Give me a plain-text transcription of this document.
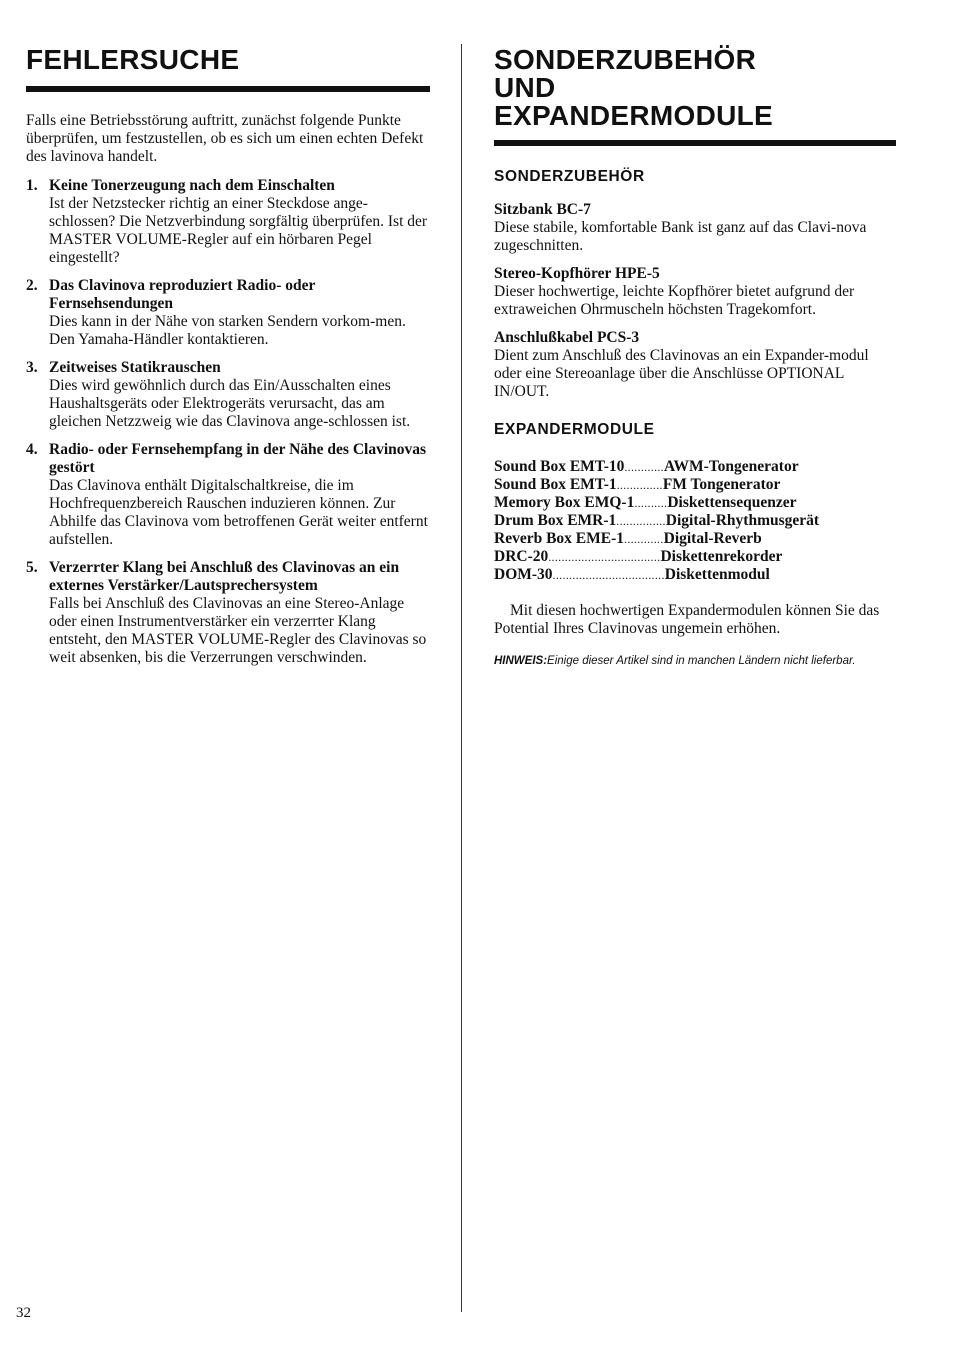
FEHLERSUCHE

Falls eine Betriebsstörung auftritt, zunächst folgende Punkte überprüfen, um festzustellen, ob es sich um einen echten Defekt des lavinova handelt.

1. Keine Tonerzeugung nach dem Einschalten
Ist der Netzstecker richtig an einer Steckdose ange-schlossen? Die Netzverbindung sorgfältig überprüfen. Ist der MASTER VOLUME-Regler auf ein hörbaren Pegel eingestellt?
2. Das Clavinova reproduziert Radio- oder Fernsehsendungen
Dies kann in der Nähe von starken Sendern vorkom-men. Den Yamaha-Händler kontaktieren.
3. Zeitweises Statikrauschen
Dies wird gewöhnlich durch das Ein/Ausschalten eines Haushaltsgeräts oder Elektrogeräts verursacht, das am gleichen Netzzweig wie das Clavinova ange-schlossen ist.
4. Radio- oder Fernsehempfang in der Nähe des Clavinovas gestört
Das Clavinova enthält Digitalschaltkreise, die im Hochfrequenzbereich Rauschen induzieren können. Zur Abhilfe das Clavinova vom betroffenen Gerät weiter entfernt aufstellen.
5. Verzerrter Klang bei Anschluß des Clavinovas an ein externes Verstärker/Lautsprechersystem
Falls bei Anschluß des Clavinovas an eine Stereo-Anlage oder einen Instrumentverstärker ein verzerrter Klang entsteht, den MASTER VOLUME-Regler des Clavinovas so weit absenken, bis die Verzerrungen verschwinden.
SONDERZUBEHÖR UND EXPANDERMODULE
SONDERZUBEHÖR
Sitzbank BC-7
Diese stabile, komfortable Bank ist ganz auf das Clavi-nova zugeschnitten.
Stereo-Kopfhörer HPE-5
Dieser hochwertige, leichte Kopfhörer bietet aufgrund der extraweichen Ohrmuscheln höchsten Tragekomfort.
Anschlußkabel PCS-3
Dient zum Anschluß des Clavinovas an ein Expander-modul oder eine Stereoanlage über die Anschlüsse OPTIONAL IN/OUT.
EXPANDERMODULE
Sound Box EMT-10 ............ AWM-Tongenerator
Sound Box EMT-1 .............. FM Tongenerator
Memory Box EMQ-1 .......... Diskettensequenzer
Drum Box EMR-1 ............... Digital-Rhythmusgerät
Reverb Box EME-1 ............ Digital-Reverb
DRC-20 .................................. Diskettenrekorder
DOM-30 .................................. Diskettenmodul

Mit diesen hochwertigen Expandermodulen können Sie das Potential Ihres Clavinovas ungemein erhöhen.

HINWEIS:Einige dieser Artikel sind in manchen Ländern nicht lieferbar.
32
